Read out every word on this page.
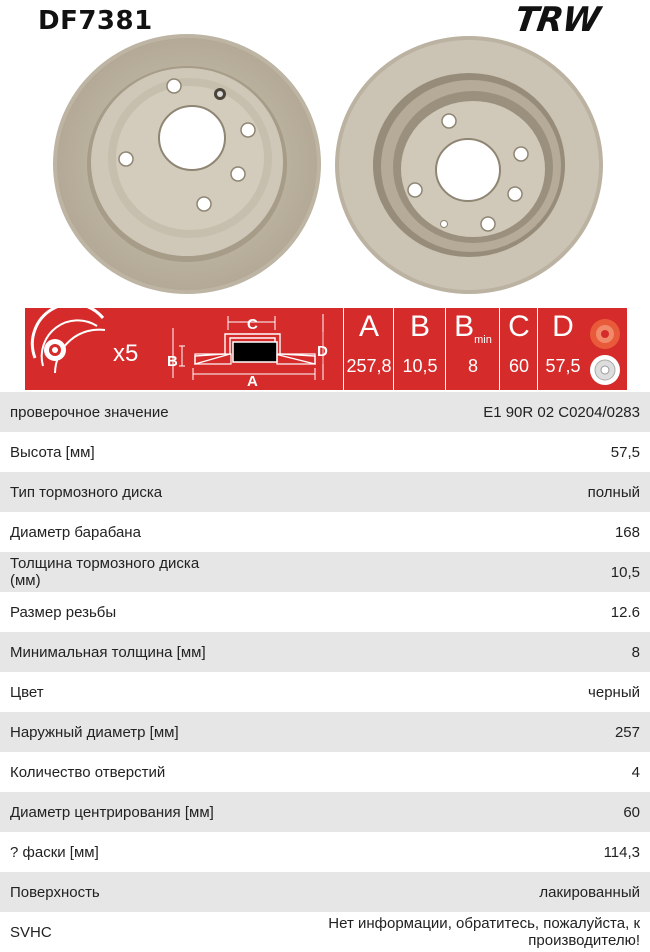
DF7381	TRW
C
B
A
D
x5
A
257,8
B
10,5
$B_{min}$
8
C
60
D
57,5
проверочное значение	E1 90R 02 C0204/0283
Высота [мм]	57,5
Тип тормозного диска	полный
Диаметр барабана	168
Толщина тормозного диска (мм)	10,5
Размер резьбы	12.6
Минимальная толщина [мм]	8
Цвет	черный
Наружный диаметр [мм]	257
Количество отверстий	4
Диаметр центрирования [мм]	60
? фаски [мм]	114,3
Поверхность	лакированный
SVHC	Нет информации, обратитесь, пожалуйста, к производителю!
